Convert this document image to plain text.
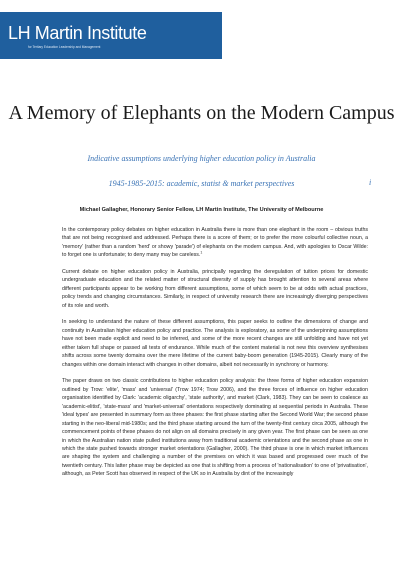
LH Martin Institute
for Tertiary Education Leadership and Management
A Memory of Elephants on the Modern Campus
Indicative assumptions underlying higher education policy in Australia
1945-1985-2015: academic, statist & market perspectives	i
Michael Gallagher, Honorary Senior Fellow, LH Martin Institute, The University of Melbourne

In the contemporary policy debates on higher education in Australia there is more than one elephant in the room – obvious truths that are not being recognised and addressed. Perhaps there is a score of them; or to prefer the more colourful collective noun, a 'memory' (rather than a random 'herd' or showy 'parade') of elephants on the modern campus. And, with apologies to Oscar Wilde: to forget one is unfortunate; to deny many may be careless.$^1$

Current debate on higher education policy in Australia, principally regarding the deregulation of tuition prices for domestic undergraduate education and the related matter of structural diversity of supply has brought attention to several areas where different participants appear to be working from different assumptions, some of which seem to be at odds with actual practices, policy trends and changing circumstances. Similarly, in respect of university research there are increasingly diverging perspectives of its role and worth.

In seeking to understand the nature of these different assumptions, this paper seeks to outline the dimensions of change and continuity in Australian higher education policy and practice. The analysis is exploratory, as some of the underpinning assumptions have not been made explicit and need to be inferred, and some of the more recent changes are still unfolding and have not yet either taken full shape or passed all tests of endurance. While much of the content material is not new this overview synthesises shifts across some twenty domains over the mere lifetime of the current baby-boom generation (1945-2015). Clearly many of the changes within one domain interact with changes in other domains, albeit not necessarily in synchrony or harmony.

The paper draws on two classic contributions to higher education policy analysis: the three forms of higher education expansion outlined by Trow: 'elite', 'mass' and 'universal' (Trow 1974; Trow 2006), and the three forces of influence on higher education organisation identified by Clark: 'academic oligarchy', 'state authority', and market (Clark, 1983). They can be seen to coalesce as 'academic-elitist', 'state-mass' and 'market-universal' orientations respectively dominating at sequential periods in Australia. These 'ideal types' are presented in summary form as three phases: the first phase starting after the Second World War; the second phase starting in the neo-liberal mid-1980s; and the third phase starting around the turn of the twenty-first century circa 2005, although the commencement points of these phases do not align on all domains precisely in any given year. The first phase can be seen as one in which the Australian nation state pulled institutions away from traditional academic orientations and the second phase as one in which the state pushed towards stronger market orientations (Gallagher, 2000). The third phase is one in which market influences are shaping the system and challenging a number of the premises on which it was based and progressed over much of the twentieth century. This latter phase may be depicted as one that is shifting from a process of 'nationalisation' to one of 'privatisation', although, as Peter Scott has observed in respect of the UK so in Australia by dint of the increasingly
